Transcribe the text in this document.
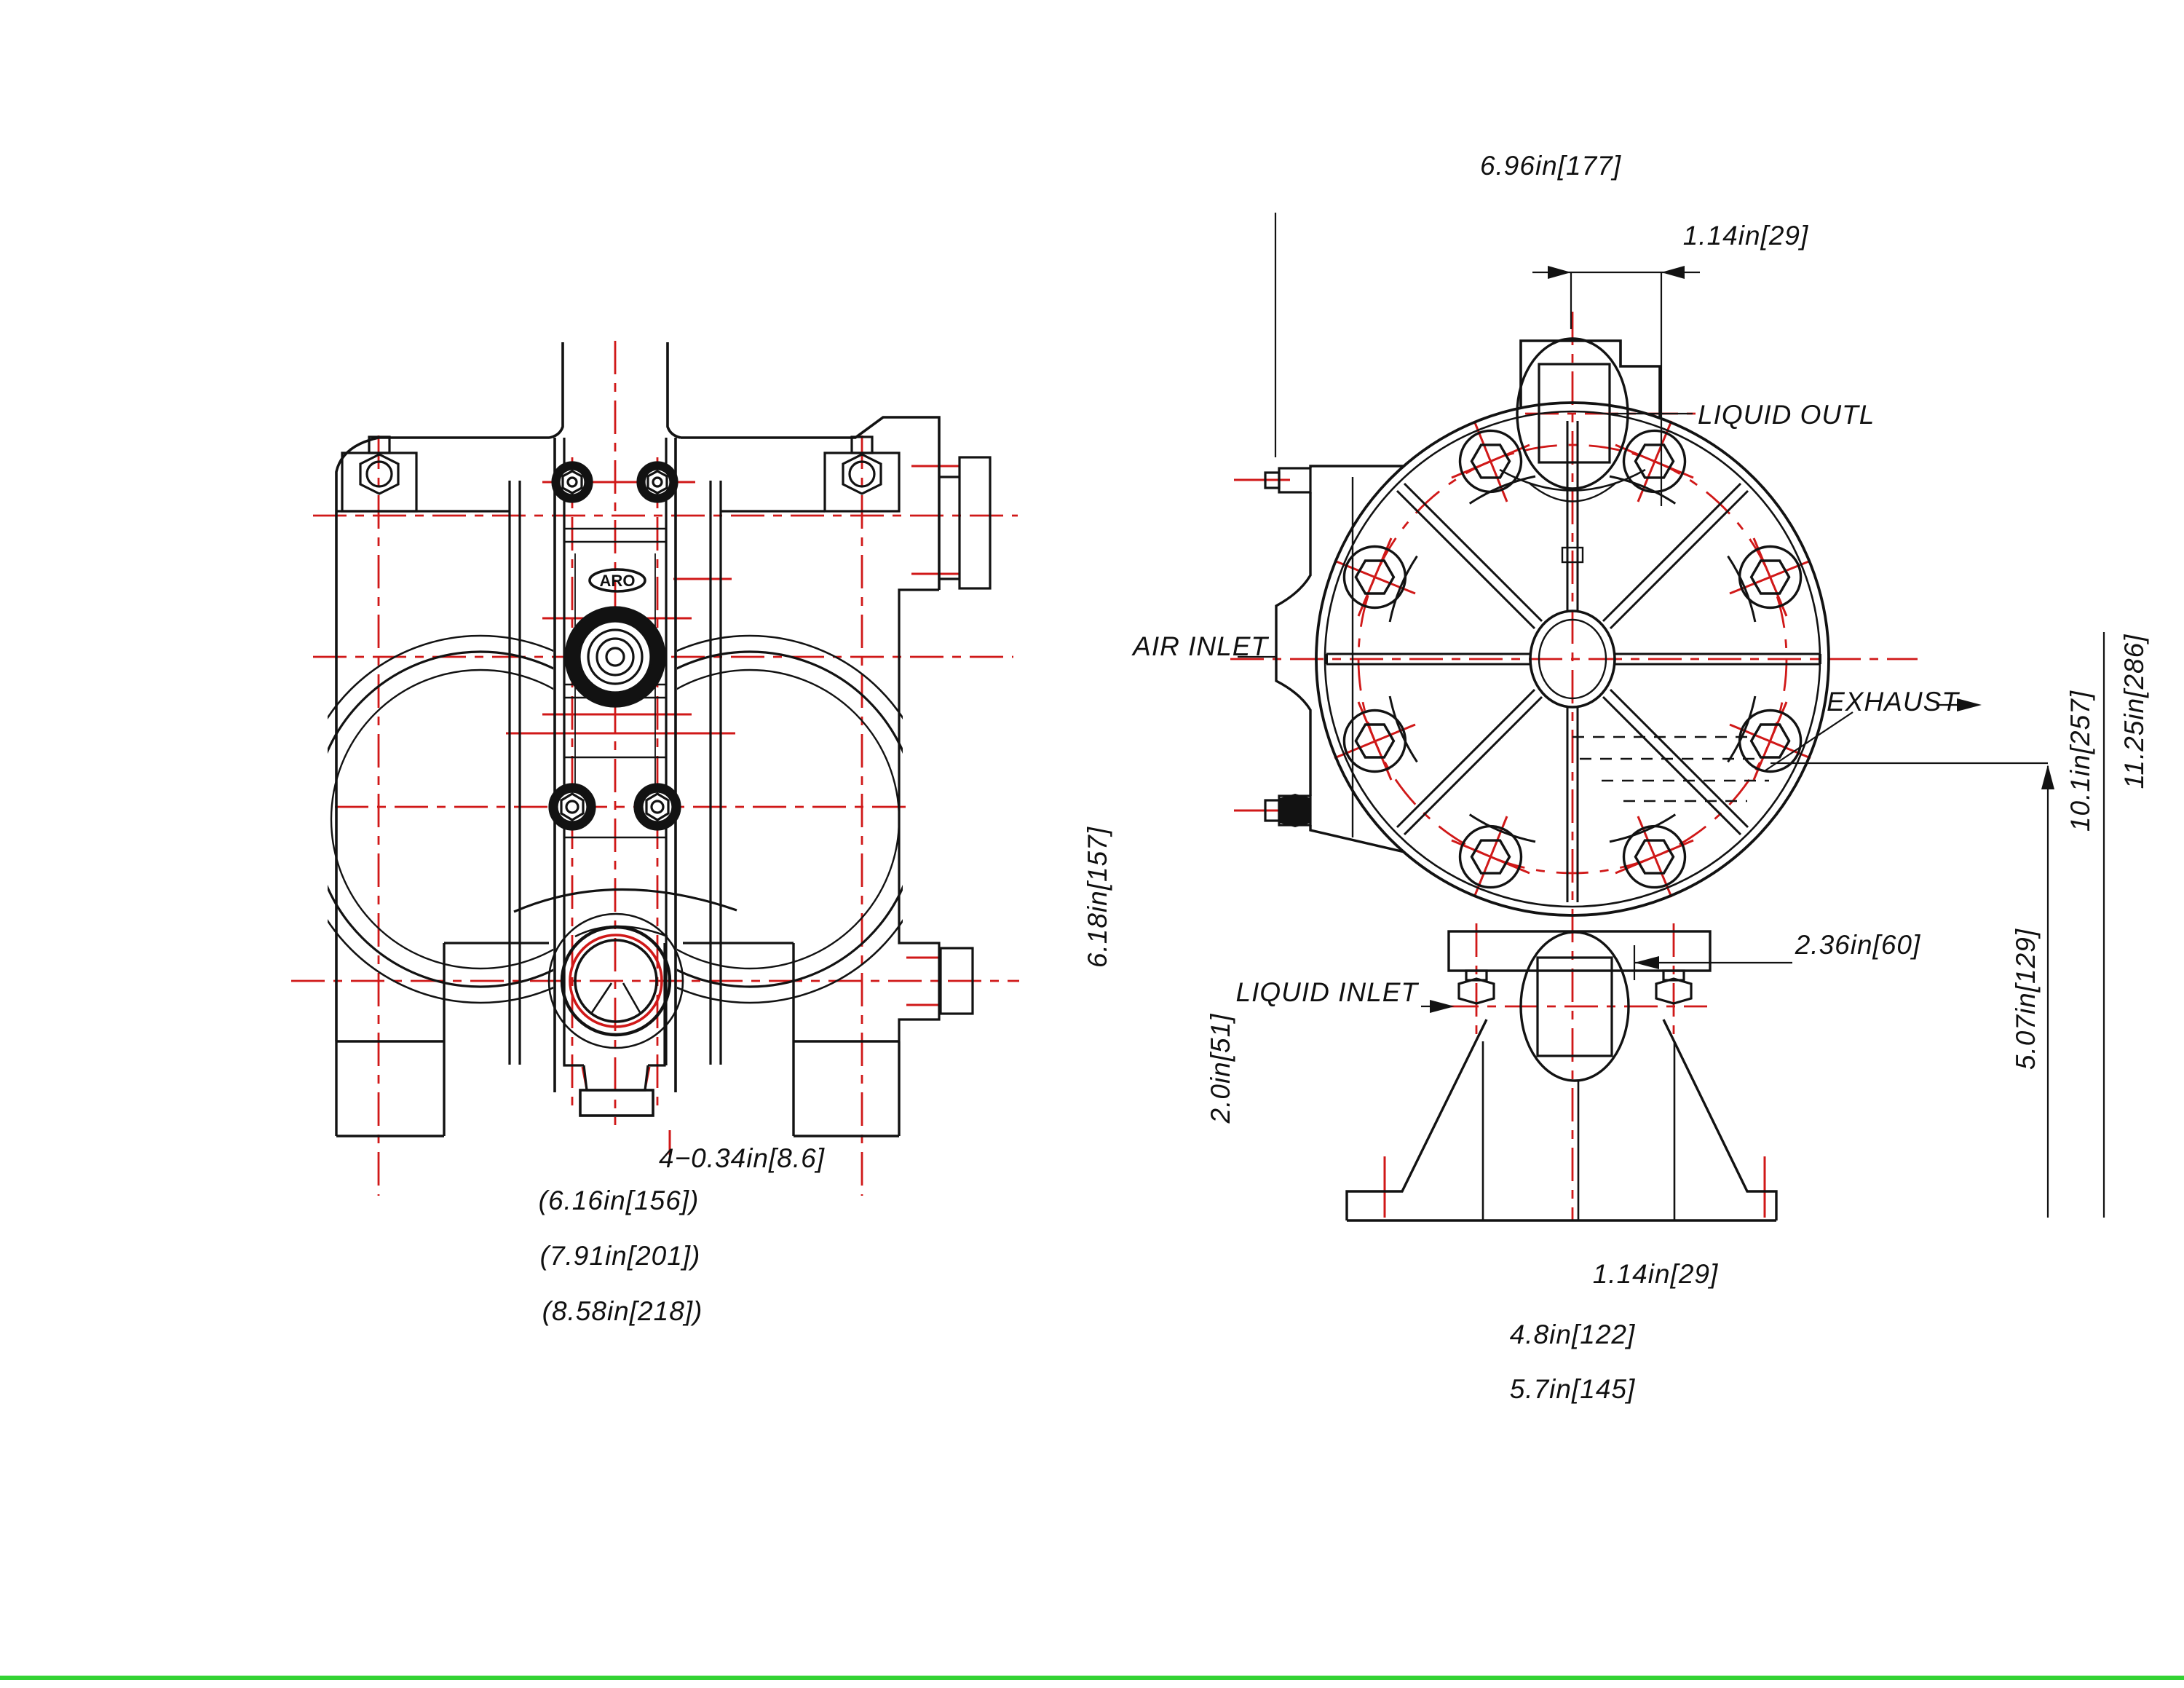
ARO
4−0.34in[8.6]
(6.16in[156])
(7.91in[201])
(8.58in[218])
6.18in[157]
6.96in[177]
1.14in[29]
LIQUID OUTL
AIR INLET
EXHAUST	10.1in[257] 11.25in[286]
2.36in[60]	5.07in[129]
LIQUID INLET
2.0in[51]
1.14in[29]
4.8in[122]
5.7in[145]
